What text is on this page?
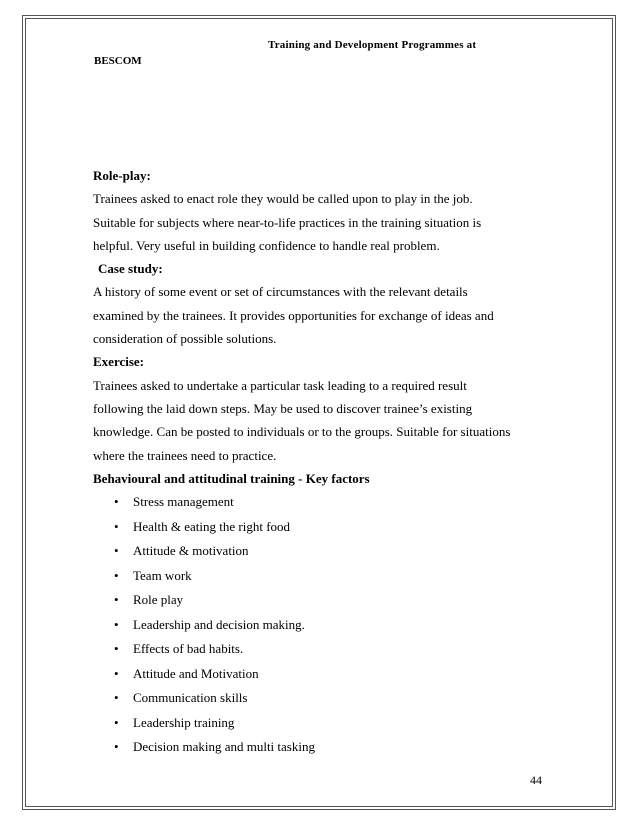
Training and Development Programmes at
BESCOM
Role-play:
Trainees asked to enact role they would be called upon to play in the job.
Suitable for subjects where near-to-life practices in the training situation is
helpful. Very useful in building confidence to handle real problem.
Case study:
A history of some event or set of circumstances with the relevant details
examined by the trainees. It provides opportunities for exchange of ideas and
consideration of possible solutions.
Exercise:
Trainees asked to undertake a particular task leading to a required result
following the laid down steps. May be used to discover trainee’s existing
knowledge. Can be posted to individuals or to the groups. Suitable for situations
where the trainees need to practice.
Behavioural and attitudinal training - Key factors
• Stress management
• Health & eating the right food
• Attitude & motivation
• Team work
• Role play
• Leadership and decision making.
• Effects of bad habits.
• Attitude and Motivation
• Communication skills
• Leadership training
• Decision making and multi tasking
44
